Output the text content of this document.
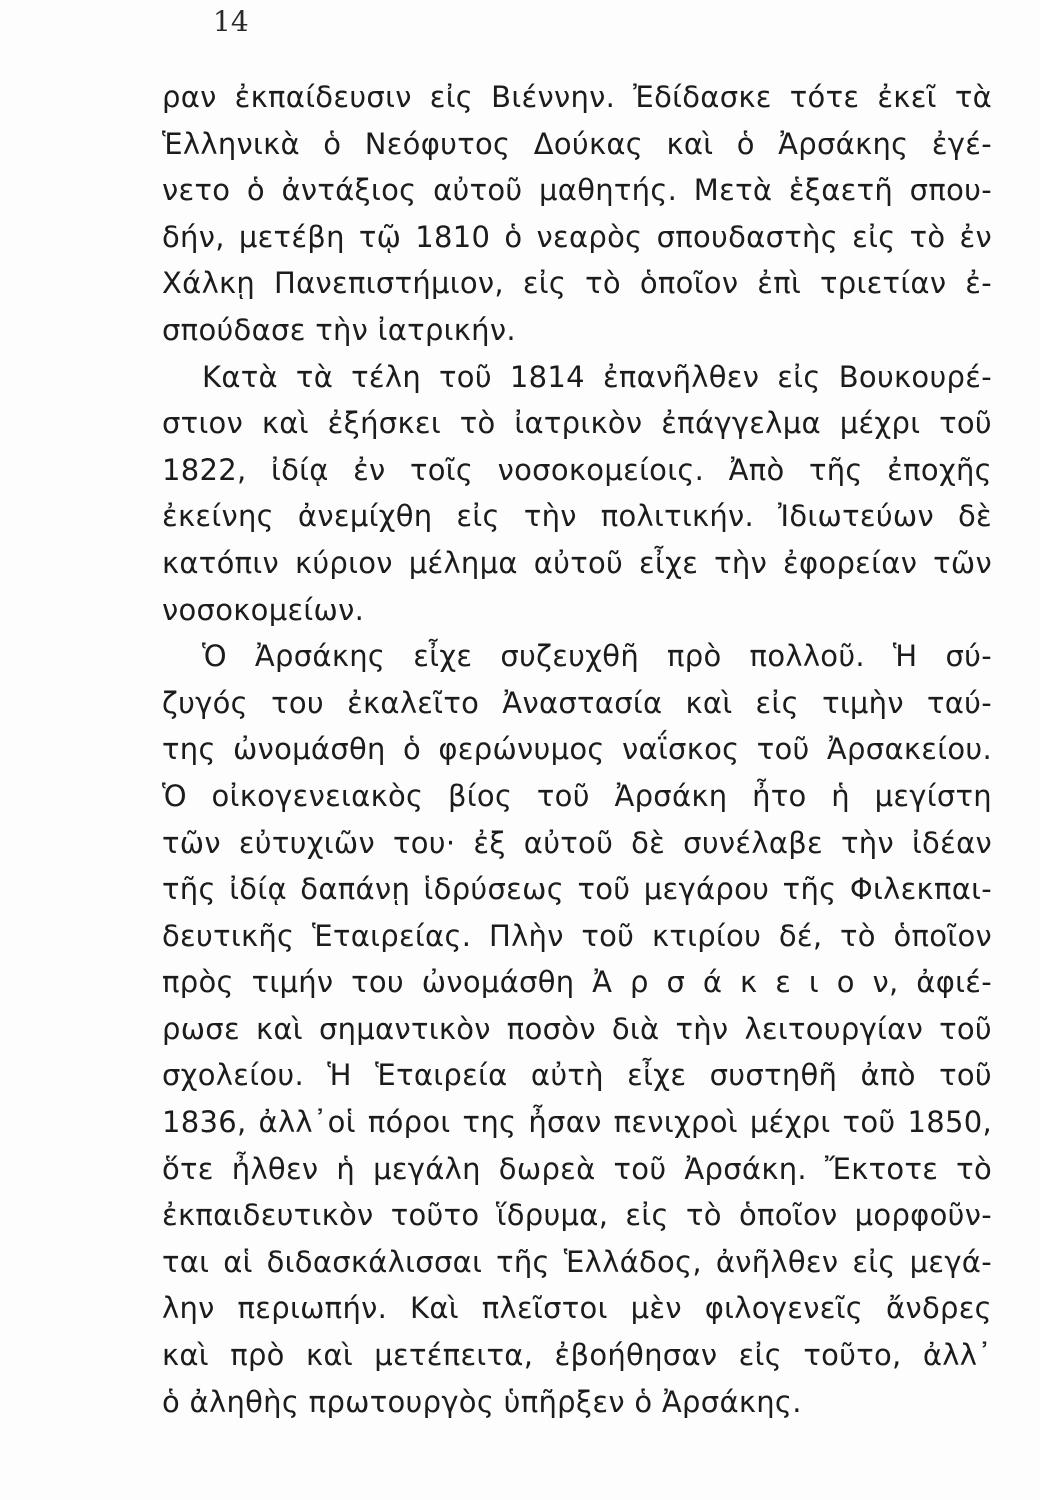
14
ραν ἐκπαίδευσιν εἰς Βιέννην. Ἐδίδασκε τότε ἐκεῖ τὰ
Ἑλληνικὰ ὁ Νεόφυτος Δούκας καὶ ὁ Ἀρσάκης ἐγέ-
νετο ὁ ἀντάξιος αὐτοῦ μαθητής. Μετὰ ἑξαετῆ σπου-
δήν, μετέβη τῷ 1810 ὁ νεαρὸς σπουδαστὴς εἰς τὸ ἐν
Χάλκῃ Πανεπιστήμιον, εἰς τὸ ὁποῖον ἐπὶ τριετίαν ἐ-
σπούδασε τὴν ἰατρικήν.
Κατὰ τὰ τέλη τοῦ 1814 ἐπανῆλθεν εἰς Βουκουρέ-
στιον καὶ ἐξήσκει τὸ ἰατρικὸν ἐπάγγελμα μέχρι τοῦ
1822, ἰδίᾳ ἐν τοῖς νοσοκομείοις. Ἀπὸ τῆς ἐποχῆς
ἐκείνης ἀνεμίχθη εἰς τὴν πολιτικήν. Ἰδιωτεύων δὲ
κατόπιν κύριον μέλημα αὐτοῦ εἶχε τὴν ἐφορείαν τῶν
νοσοκομείων.
Ὁ Ἀρσάκης εἶχε συζευχθῆ πρὸ πολλοῦ. Ἡ σύ-
ζυγός του ἐκαλεῖτο Ἀναστασία καὶ εἰς τιμὴν ταύ-
της ὠνομάσθη ὁ φερώνυμος ναΐσκος τοῦ Ἀρσακείου.
Ὁ οἰκογενειακὸς βίος τοῦ Ἀρσάκη ἦτο ἡ μεγίστη
τῶν εὐτυχιῶν του· ἐξ αὐτοῦ δὲ συνέλαβε τὴν ἰδέαν
τῆς ἰδίᾳ δαπάνῃ ἱδρύσεως τοῦ μεγάρου τῆς Φιλεκπαι-
δευτικῆς Ἑταιρείας. Πλὴν τοῦ κτιρίου δέ, τὸ ὁποῖον
πρὸς τιμήν του ὠνομάσθη Ἀ ρ σ ά κ ε ι ο ν, ἀφιέ-
ρωσε καὶ σημαντικὸν ποσὸν διὰ τὴν λειτουργίαν τοῦ
σχολείου. Ἡ Ἑταιρεία αὐτὴ εἶχε συστηθῆ ἀπὸ τοῦ
1836, ἀλλ᾽οἱ πόροι της ἦσαν πενιχροὶ μέχρι τοῦ 1850,
ὅτε ἦλθεν ἡ μεγάλη δωρεὰ τοῦ Ἀρσάκη. Ἔκτοτε τὸ
ἐκπαιδευτικὸν τοῦτο ἵδρυμα, εἰς τὸ ὁποῖον μορφοῦν-
ται αἱ διδασκάλισσαι τῆς Ἑλλάδος, ἀνῆλθεν εἰς μεγά-
λην περιωπήν. Καὶ πλεῖστοι μὲν φιλογενεῖς ἄνδρες
καὶ πρὸ καὶ μετέπειτα, ἐβοήθησαν εἰς τοῦτο, ἀλλ᾽
ὁ ἀληθὴς πρωτουργὸς ὑπῆρξεν ὁ Ἀρσάκης.
